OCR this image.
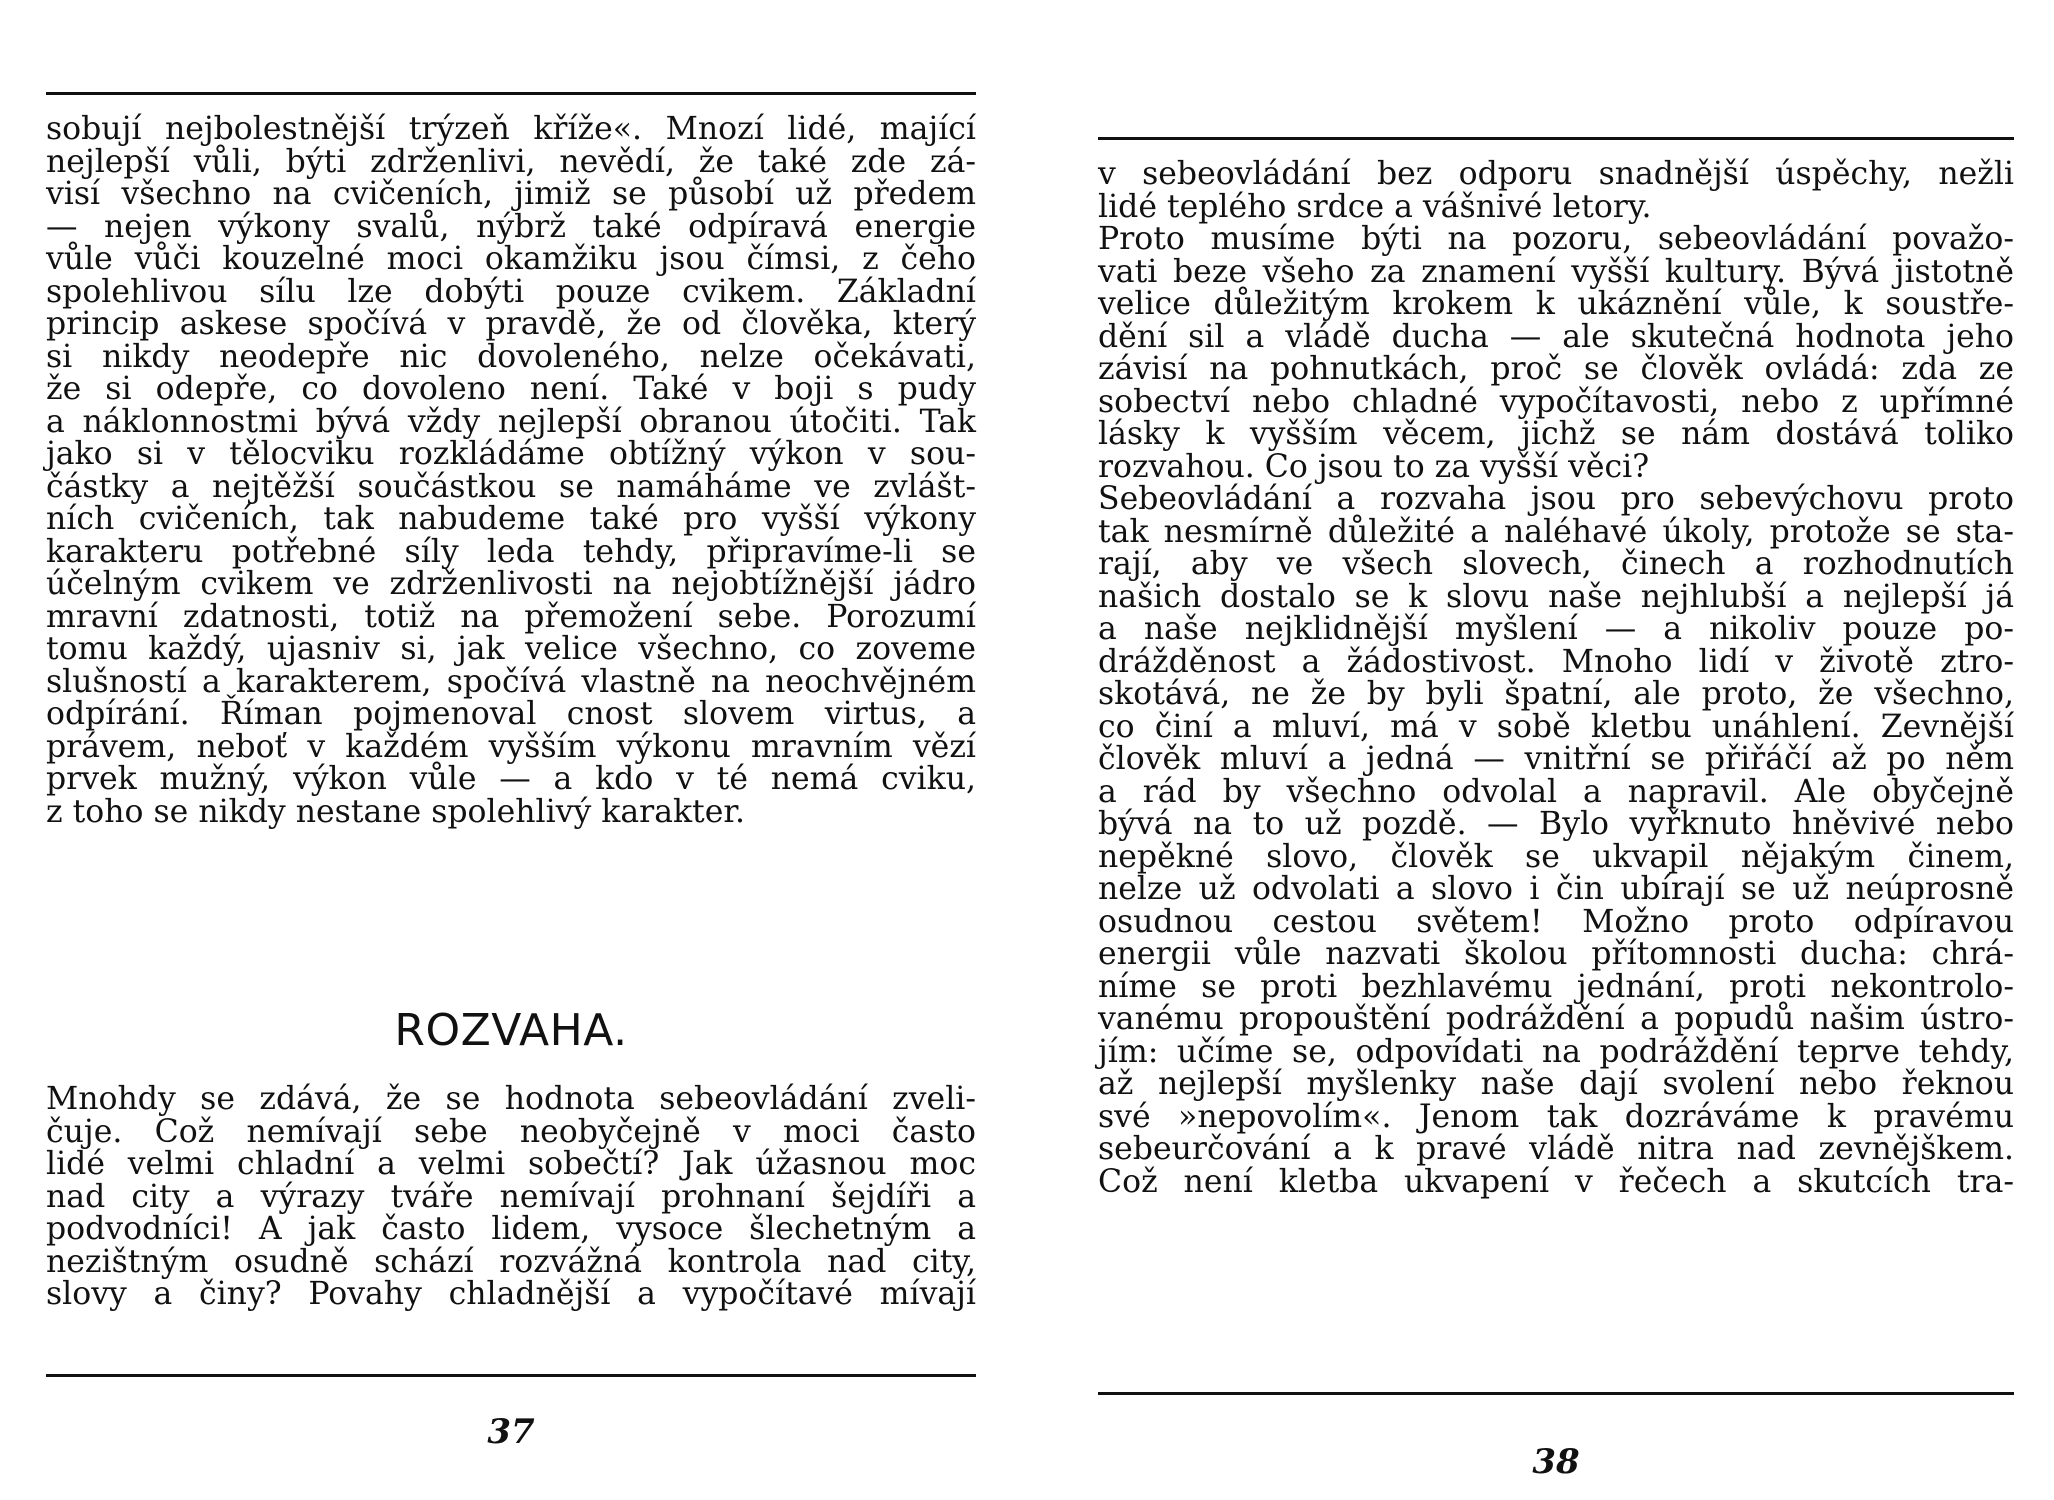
sobují nejbolestnější trýzeň kříže«. Mnozí lidé, mající
nejlepší vůli, býti zdrženlivi, nevědí, že také zde zá-
visí všechno na cvičeních, jimiž se působí už předem
— nejen výkony svalů, nýbrž také odpíravá energie
vůle vůči kouzelné moci okamžiku jsou čímsi, z čeho
spolehlivou sílu lze dobýti pouze cvikem. Základní
princip askese spočívá v pravdě, že od člověka, který
si nikdy neodepře nic dovoleného, nelze očekávati,
že si odepře, co dovoleno není. Také v boji s pudy
a náklonnostmi bývá vždy nejlepší obranou útočiti. Tak
jako si v tělocviku rozkládáme obtížný výkon v sou-
částky a nejtěžší součástkou se namáháme ve zvlášt-
ních cvičeních, tak nabudeme také pro vyšší výkony
karakteru potřebné síly leda tehdy, připravíme-li se
účelným cvikem ve zdrženlivosti na nejobtížnější jádro
mravní zdatnosti, totiž na přemožení sebe. Porozumí
tomu každý, ujasniv si, jak velice všechno, co zoveme
slušností a karakterem, spočívá vlastně na neochvějném
odpírání. Říman pojmenoval cnost slovem virtus, a
právem, neboť v každém vyšším výkonu mravním vězí
prvek mužný, výkon vůle — a kdo v té nemá cviku,
z toho se nikdy nestane spolehlivý karakter.
ROZVAHA.
Mnohdy se zdává, že se hodnota sebeovládání zveli-
čuje. Což nemívají sebe neobyčejně v moci často
lidé velmi chladní a velmi sobečtí? Jak úžasnou moc
nad city a výrazy tváře nemívají prohnaní šejdíři a
podvodníci! A jak často lidem, vysoce šlechetným a
nezištným osudně schází rozvážná kontrola nad city,
slovy a činy? Povahy chladnější a vypočítavé mívají
37
v sebeovládání bez odporu snadnější úspěchy, nežli
lidé teplého srdce a vášnivé letory.
Proto musíme býti na pozoru, sebeovládání považo-
vati beze všeho za znamení vyšší kultury. Bývá jistotně
velice důležitým krokem k ukáznění vůle, k soustře-
dění sil a vládě ducha — ale skutečná hodnota jeho
závisí na pohnutkách, proč se člověk ovládá: zda ze
sobectví nebo chladné vypočítavosti, nebo z upřímné
lásky k vyšším věcem, jichž se nám dostává toliko
rozvahou. Co jsou to za vyšší věci?
Sebeovládání a rozvaha jsou pro sebevýchovu proto
tak nesmírně důležité a naléhavé úkoly, protože se sta-
rají, aby ve všech slovech, činech a rozhodnutích
našich dostalo se k slovu naše nejhlubší a nejlepší já
a naše nejklidnější myšlení — a nikoliv pouze po-
drážděnost a žádostivost. Mnoho lidí v životě ztro-
skotává, ne že by byli špatní, ale proto, že všechno,
co činí a mluví, má v sobě kletbu unáhlení. Zevnější
člověk mluví a jedná — vnitřní se přiřáčí až po něm
a rád by všechno odvolal a napravil. Ale obyčejně
bývá na to už pozdě. — Bylo vyřknuto hněvivé nebo
nepěkné slovo, člověk se ukvapil nějakým činem,
nelze už odvolati a slovo i čin ubírají se už neúprosně
osudnou cestou světem! Možno proto odpíravou
energii vůle nazvati školou přítomnosti ducha: chrá-
níme se proti bezhlavému jednání, proti nekontrolo-
vanému propouštění podráždění a popudů našim ústro-
jím: učíme se, odpovídati na podráždění teprve tehdy,
až nejlepší myšlenky naše dají svolení nebo řeknou
své »nepovolím«. Jenom tak dozráváme k pravému
sebeurčování a k pravé vládě nitra nad zevnějškem.
Což není kletba ukvapení v řečech a skutcích tra-
38
